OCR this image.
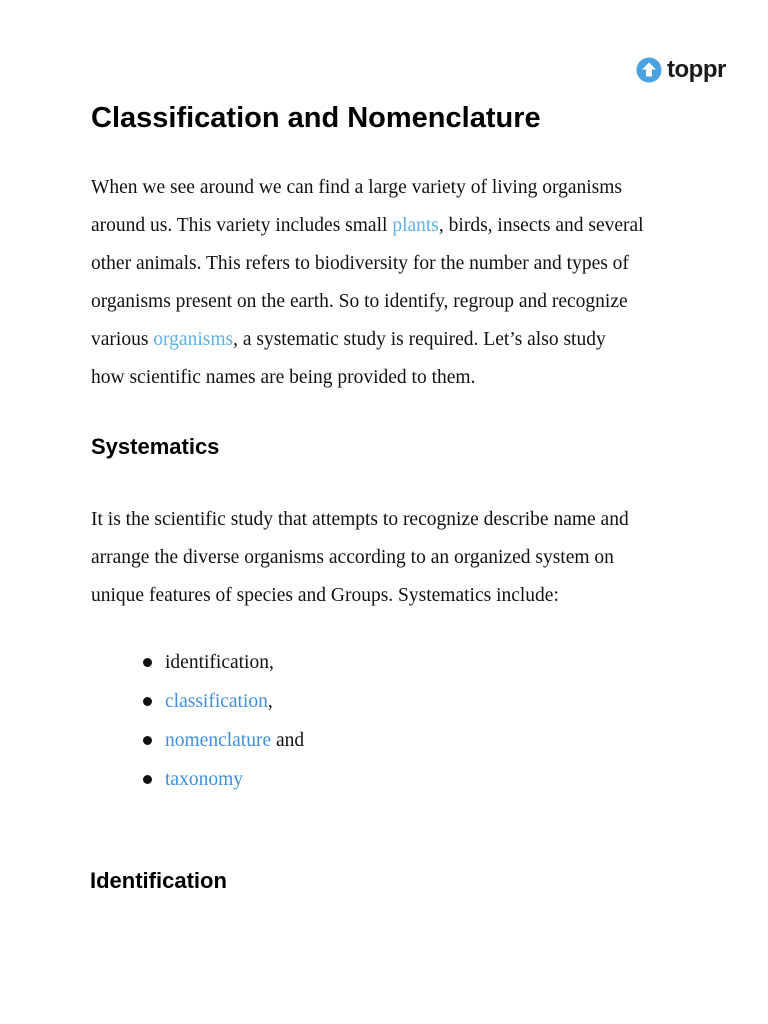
toppr
Classification and Nomenclature

When we see around we can find a large variety of living organisms
around us. This variety includes small plants, birds, insects and several
other animals. This refers to biodiversity for the number and types of
organisms present on the earth. So to identify, regroup and recognize
various organisms, a systematic study is required. Let’s also study
how scientific names are being provided to them.

Systematics

It is the scientific study that attempts to recognize describe name and
arrange the diverse organisms according to an organized system on
unique features of species and Groups. Systematics include:

identification,
classification,
nomenclature and
taxonomy
Identification
